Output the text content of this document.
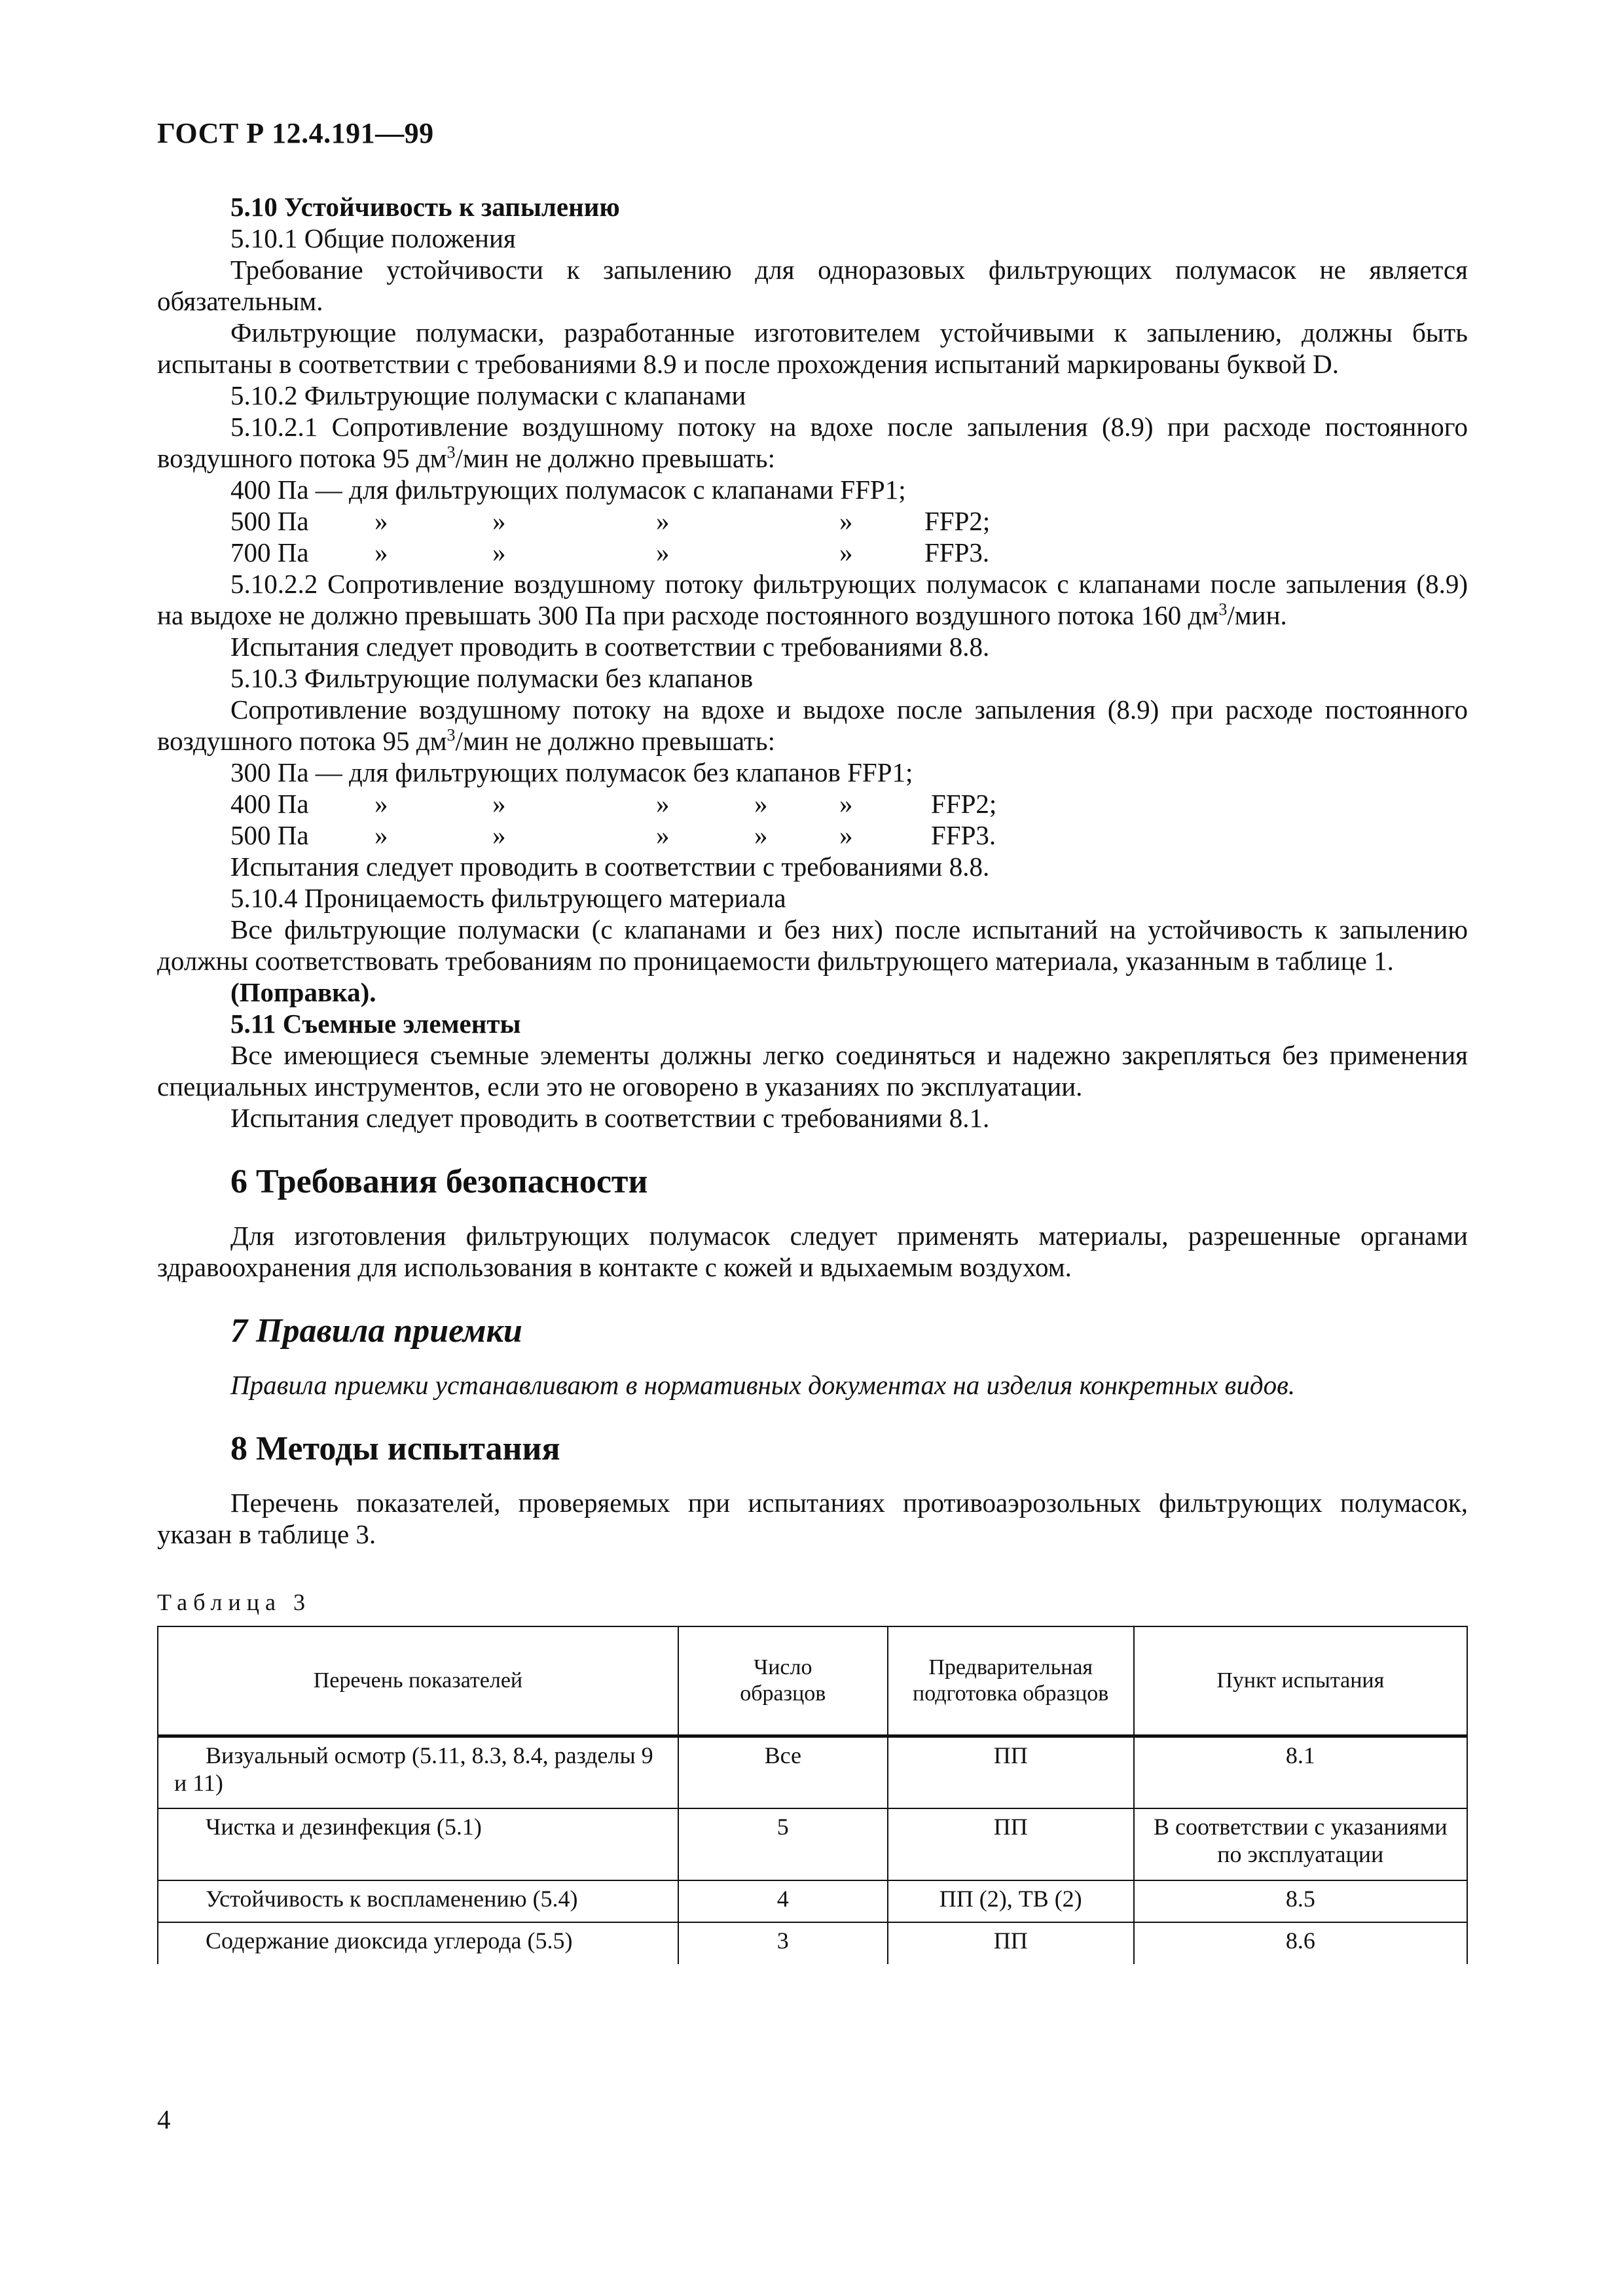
ГОСТ Р 12.4.191—99

5.10 Устойчивость к запылению

5.10.1 Общие положения

Требование устойчивости к запылению для одноразовых фильтрующих полумасок не является обязательным.

Фильтрующие полумаски, разработанные изготовителем устойчивыми к запылению, должны быть испытаны в соответствии с требованиями 8.9 и после прохождения испытаний маркированы буквой D.

5.10.2 Фильтрующие полумаски с клапанами

5.10.2.1 Сопротивление воздушному потоку на вдохе после запыления (8.9) при расходе постоянного воздушного потока 95 $дм^3$/мин не должно превышать:

400 Па — для фильтрующих полумасок с клапанами FFP1;					
500 Па	»	»	»	»	FFP2;
700 Па	»	»	»	»	FFP3.

5.10.2.2 Сопротивление воздушному потоку фильтрующих полумасок с клапанами после запыления (8.9) на выдохе не должно превышать 300 Па при расходе постоянного воздушного потока 160 $дм^3$/мин.

Испытания следует проводить в соответствии с требованиями 8.8.

5.10.3 Фильтрующие полумаски без клапанов

Сопротивление воздушному потоку на вдохе и выдохе после запыления (8.9) при расходе постоянного воздушного потока 95 $дм^3$/мин не должно превышать:

300 Па — для фильтрующих полумасок без клапанов FFP1;						
400 Па	»	»	»	»	»	FFP2;
500 Па	»	»	»	»	»	FFP3.

Испытания следует проводить в соответствии с требованиями 8.8.

5.10.4 Проницаемость фильтрующего материала

Все фильтрующие полумаски (с клапанами и без них) после испытаний на устойчивость к запылению должны соответствовать требованиям по проницаемости фильтрующего материала, указанным в таблице 1.

(Поправка).

5.11 Съемные элементы

Все имеющиеся съемные элементы должны легко соединяться и надежно закрепляться без применения специальных инструментов, если это не оговорено в указаниях по эксплуатации.

Испытания следует проводить в соответствии с требованиями 8.1.

6 Требования безопасности

Для изготовления фильтрующих полумасок следует применять материалы, разрешенные органами здравоохранения для использования в контакте с кожей и вдыхаемым воздухом.

7 Правила приемки

Правила приемки устанавливают в нормативных документах на изделия конкретных видов.

8 Методы испытания

Перечень показателей, проверяемых при испытаниях противоаэрозольных фильтрующих полумасок, указан в таблице 3.

Таблица 3

Перечень показателей	Число образцов	Предварительная подготовка образцов	Пункт испытания

Визуальный осмотр (5.11, 8.3, 8.4, разделы 9 и 11)	Все	ПП	8.1

Чистка и дезинфекция (5.1)	5	ПП	В соответствии с указаниями по эксплуатации

Устойчивость к воспламенению (5.4)	4	ПП (2), ТВ (2)	8.5

Содержание диоксида углерода (5.5)	3	ПП	8.6
4
